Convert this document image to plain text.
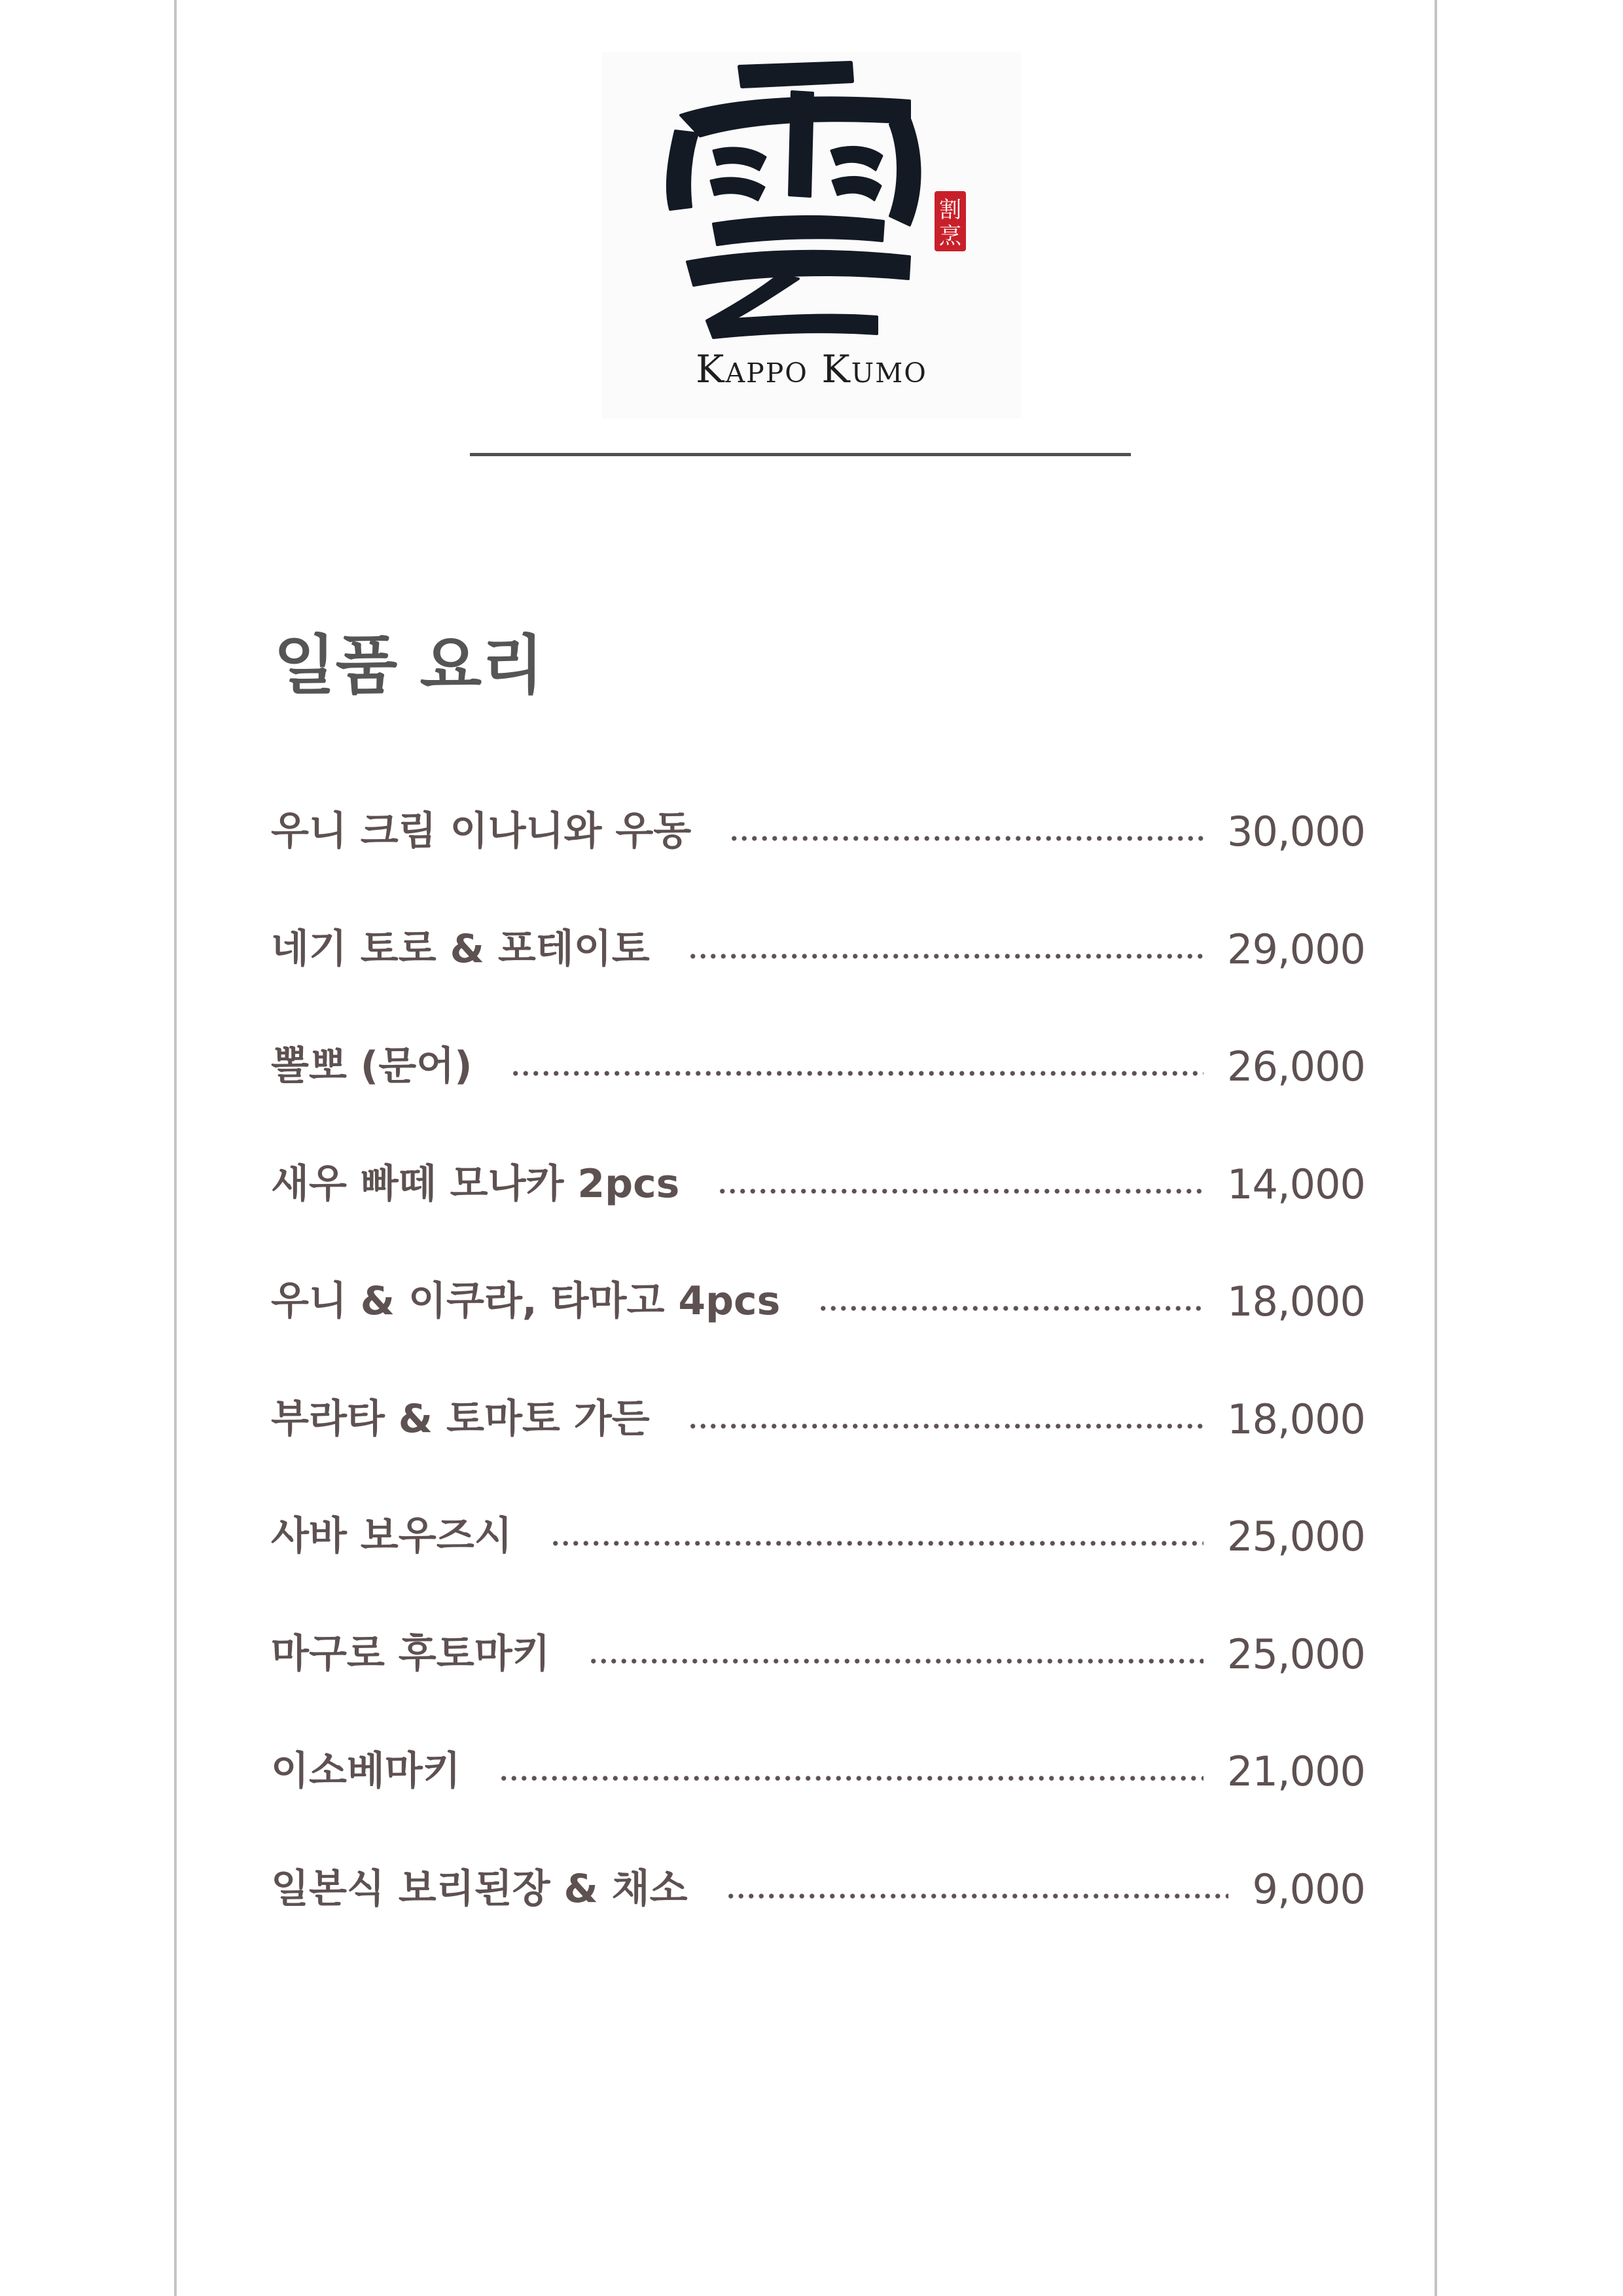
割
烹
Kappo Kumo
일품 요리
우니 크림 이나니와 우동	30,000
네기 토로 & 포테이토	29,000
뽈뽀 (문어)	26,000
새우 빠떼 모나카 2pcs	14,000
우니 & 이쿠라, 타마고 4pcs	18,000
부라타 & 토마토 가든	18,000
사바 보우즈시	25,000
마구로 후토마키	25,000
이소베마키	21,000
일본식 보리된장 & 채소	9,000
